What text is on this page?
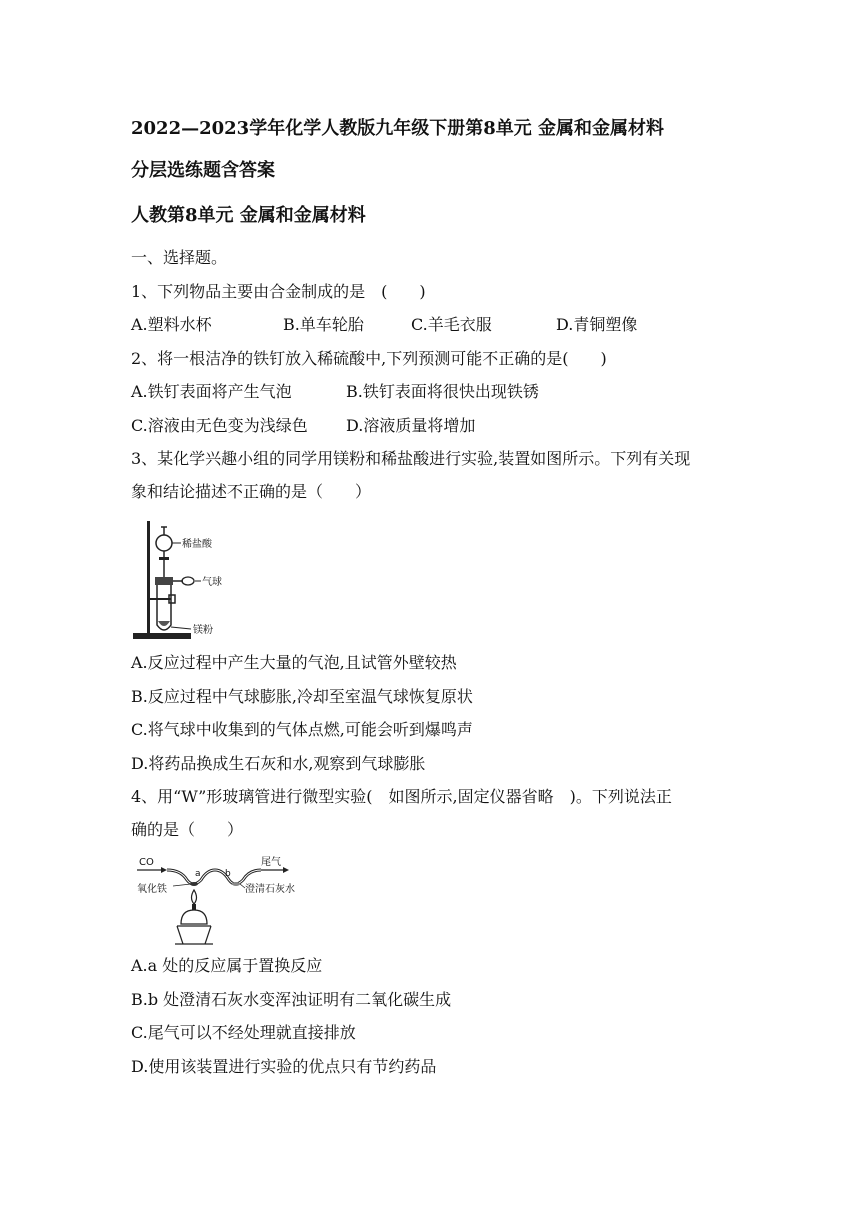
2022—2023学年化学人教版九年级下册第8单元 金属和金属材料
分层选练题含答案
人教第8单元 金属和金属材料
一、选择题。
1、下列物品主要由合金制成的是　(　　)
A.塑料水杯	B.单车轮胎	C.羊毛衣服	D.青铜塑像
2、将一根洁净的铁钉放入稀硫酸中,下列预测可能不正确的是(　　)
A.铁钉表面将产生气泡	B.铁钉表面将很快出现铁锈
C.溶液由无色变为浅绿色 D.溶液质量将增加
3、某化学兴趣小组的同学用镁粉和稀盐酸进行实验,装置如图所示。下列有关现
象和结论描述不正确的是（　　）
稀盐酸
气球
镁粉
A.反应过程中产生大量的气泡,且试管外壁较热
B.反应过程中气球膨胀,冷却至室温气球恢复原状
C.将气球中收集到的气体点燃,可能会听到爆鸣声
D.将药品换成生石灰和水,观察到气球膨胀
4、用“W”形玻璃管进行微型实验(　如图所示,固定仪器省略　)。下列说法正
确的是（　　）
CO	尾气
a	b
氧化铁	澄清石灰水
A.a 处的反应属于置换反应
B.b 处澄清石灰水变浑浊证明有二氧化碳生成
C.尾气可以不经处理就直接排放
D.使用该装置进行实验的优点只有节约药品
